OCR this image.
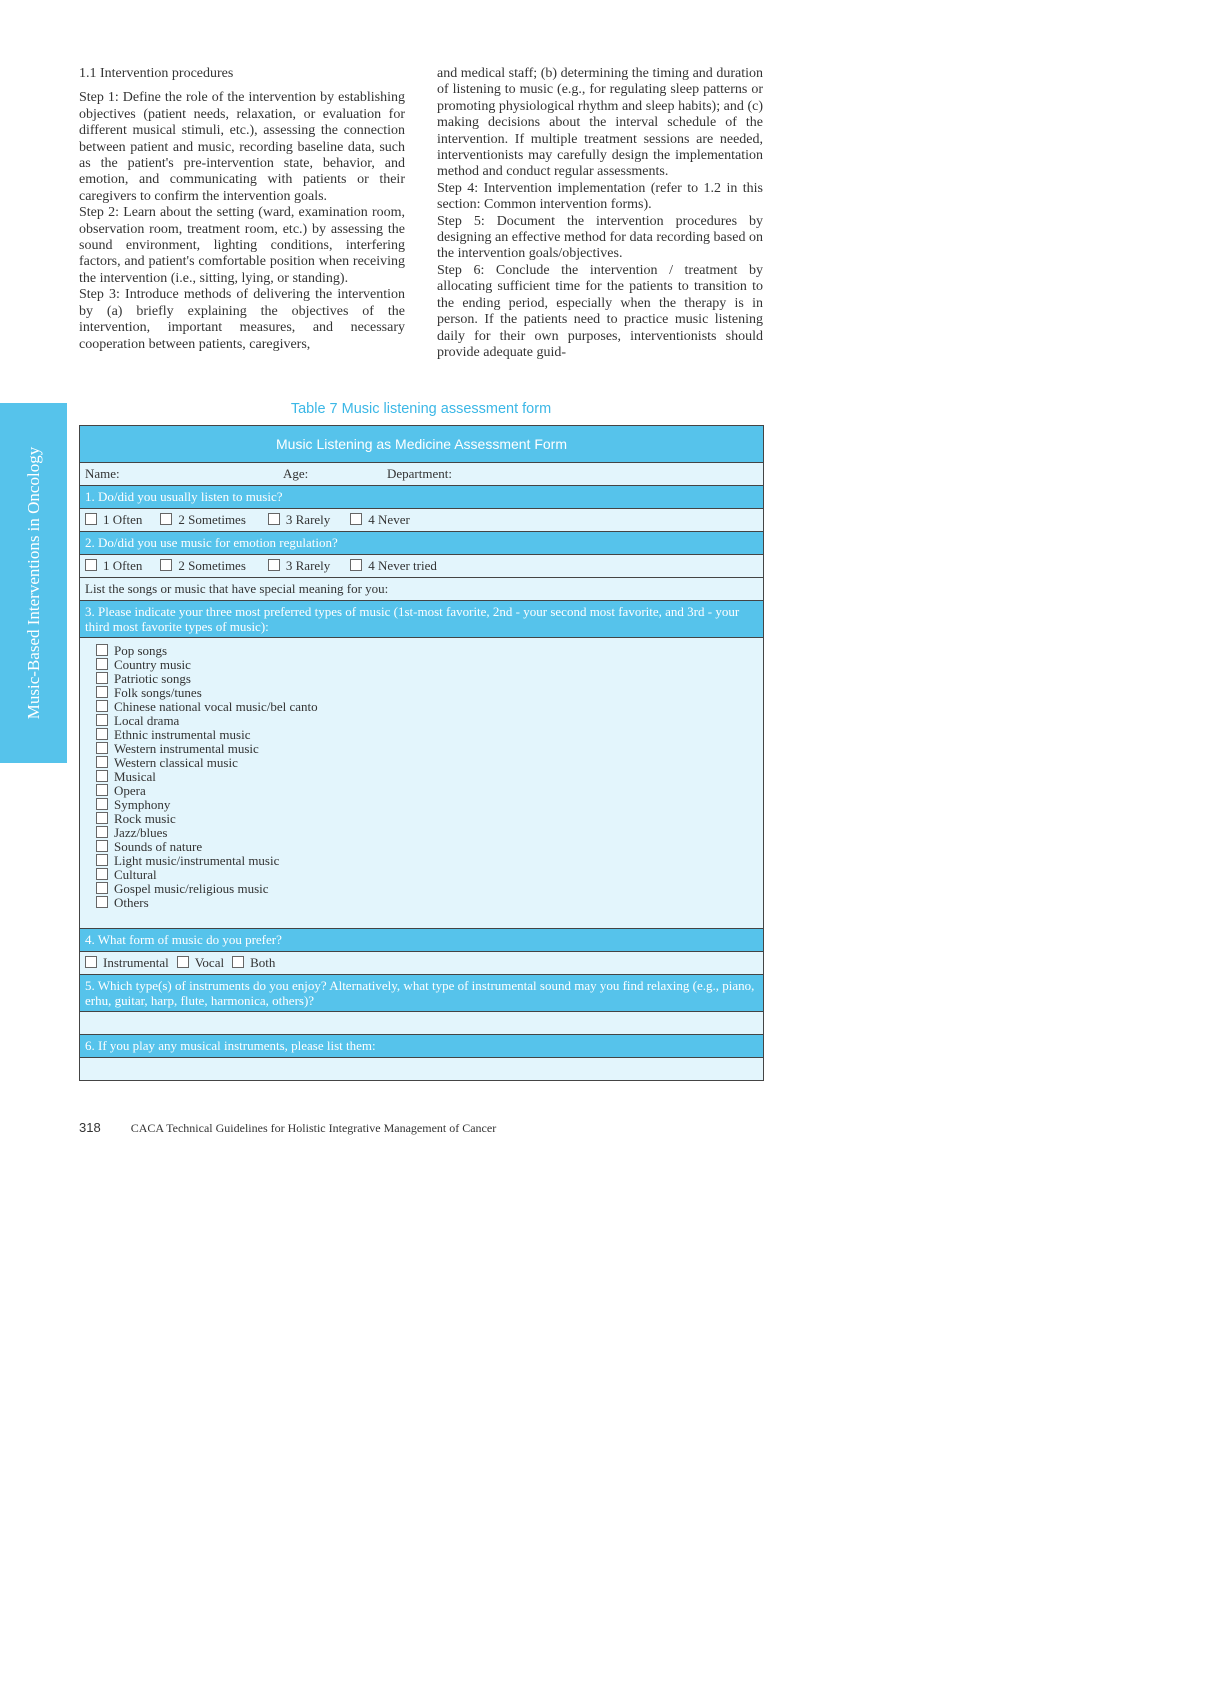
Music-Based Interventions in Oncology

1.1 Intervention procedures

Step 1: Define the role of the intervention by establishing objectives (patient needs, relaxation, or evaluation for different musical stimuli, etc.), assessing the connection between patient and music, recording baseline data, such as the patient's pre-intervention state, behavior, and emotion, and communicating with patients or their caregivers to confirm the intervention goals.

Step 2: Learn about the setting (ward, examination room, observation room, treatment room, etc.) by assessing the sound environment, lighting conditions, interfering factors, and patient's comfortable position when receiving the intervention (i.e., sitting, lying, or standing).

Step 3: Introduce methods of delivering the intervention by (a) briefly explaining the objectives of the intervention, important measures, and necessary cooperation between patients, caregivers,

and medical staff; (b) determining the timing and duration of listening to music (e.g., for regulating sleep patterns or promoting physiological rhythm and sleep habits); and (c) making decisions about the interval schedule of the intervention. If multiple treatment sessions are needed, interventionists may carefully design the implementation method and conduct regular assessments.

Step 4: Intervention implementation (refer to 1.2 in this section: Common intervention forms).

Step 5: Document the intervention procedures by designing an effective method for data recording based on the intervention goals/objectives.

Step 6: Conclude the intervention / treatment by allocating sufficient time for the patients to transition to the ending period, especially when the therapy is in person. If the patients need to practice music listening daily for their own purposes, interventionists should provide adequate guid-

Table 7 Music listening assessment form
Music Listening as Medicine Assessment Form
Name:	Age:	Department:
1. Do/did you usually listen to music?
1 Often	2 Sometimes	3 Rarely	4 Never
2. Do/did you use music for emotion regulation?
1 Often	2 Sometimes	3 Rarely	4 Never tried
List the songs or music that have special meaning for you:
3. Please indicate your three most preferred types of music (1st-most favorite, 2nd - your second most favorite, and 3rd - your third most favorite types of music):
Pop songs
Country music
Patriotic songs
Folk songs/tunes
Chinese national vocal music/bel canto
Local drama
Ethnic instrumental music
Western instrumental music
Western classical music
Musical
Opera
Symphony
Rock music
Jazz/blues
Sounds of nature
Light music/instrumental music
Cultural
Gospel music/religious music
Others
4. What form of music do you prefer?
Instrumental Vocal Both
5. Which type(s) of instruments do you enjoy? Alternatively, what type of instrumental sound may you find relaxing (e.g., piano, erhu, guitar, harp, flute, harmonica, others)?
6. If you play any musical instruments, please list them:
318	CACA Technical Guidelines for Holistic Integrative Management of Cancer
